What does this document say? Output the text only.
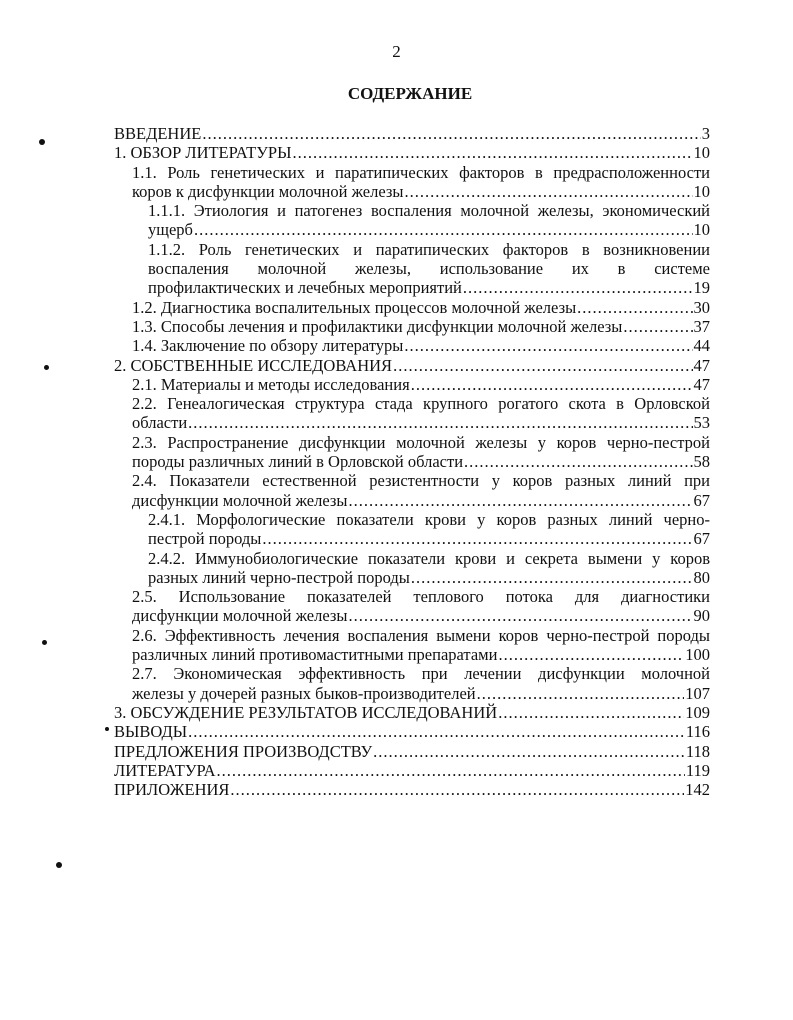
2
СОДЕРЖАНИЕ
ВВЕДЕНИЕ .....	3
1. ОБЗОР ЛИТЕРАТУРЫ .....	10
1.1. Роль генетических и паратипических факторов в предрасположенности
коров к дисфункции молочной железы .....	10
1.1.1. Этиология и патогенез воспаления молочной железы, экономический
ущерб .....	10
1.1.2. Роль генетических и паратипических факторов в возникновении
воспаления молочной железы, использование их в системе
профилактических и лечебных мероприятий .....	19
1.2. Диагностика воспалительных процессов молочной железы .....	30
1.3. Способы лечения и профилактики дисфункции молочной железы .....	37
1.4. Заключение по обзору литературы .....	44
2. СОБСТВЕННЫЕ ИССЛЕДОВАНИЯ .....	47
2.1. Материалы и методы исследования .....	47
2.2. Генеалогическая структура стада крупного рогатого скота в Орловской
области .....	53
2.3. Распространение дисфункции молочной железы у коров черно-пестрой
породы различных линий в Орловской области .....	58
2.4. Показатели естественной резистентности у коров разных линий при
дисфункции молочной железы .....	67
2.4.1. Морфологические показатели крови у коров разных линий черно-
пестрой породы .....	67
2.4.2. Иммунобиологические показатели крови и секрета вымени у коров
разных линий черно-пестрой породы .....	80
2.5. Использование показателей теплового потока для диагностики
дисфункции молочной железы .....	90
2.6. Эффективность лечения воспаления вымени коров черно-пестрой породы
различных линий противомаститными препаратами .....	100
2.7. Экономическая эффективность при лечении дисфункции молочной
железы у дочерей разных быков-производителей .....	107
3. ОБСУЖДЕНИЕ РЕЗУЛЬТАТОВ ИССЛЕДОВАНИЙ .....	109
ВЫВОДЫ .....	116
ПРЕДЛОЖЕНИЯ ПРОИЗВОДСТВУ .....	118
ЛИТЕРАТУРА .....	119
ПРИЛОЖЕНИЯ .....	142
